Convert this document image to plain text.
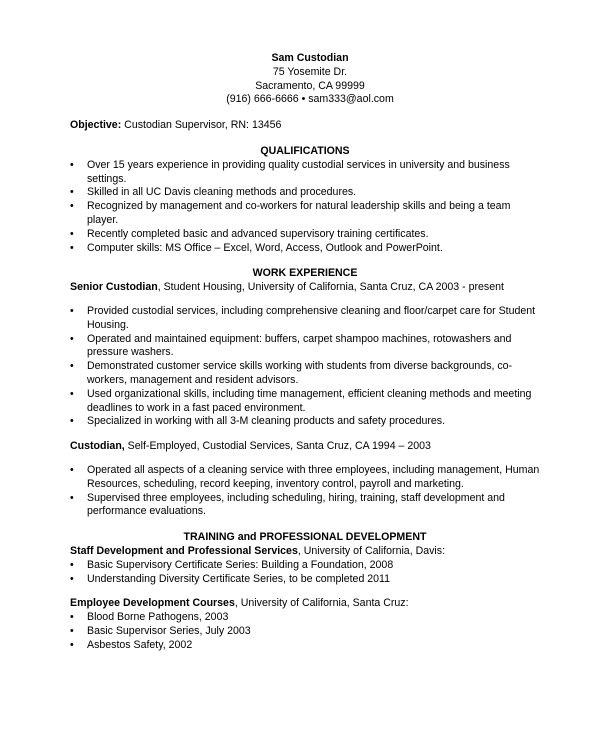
Sam Custodian
75 Yosemite Dr.
Sacramento, CA 99999
(916) 666-6666 • sam333@aol.com
Objective: Custodian Supervisor, RN: 13456
QUALIFICATIONS
• Over 15 years experience in providing quality custodial services in university and business settings.
• Skilled in all UC Davis cleaning methods and procedures.
• Recognized by management and co-workers for natural leadership skills and being a team player.
• Recently completed basic and advanced supervisory training certificates.
• Computer skills: MS Office – Excel, Word, Access, Outlook and PowerPoint.
WORK EXPERIENCE
Senior Custodian, Student Housing, University of California, Santa Cruz, CA 2003 - present
• Provided custodial services, including comprehensive cleaning and floor/carpet care for Student Housing.
• Operated and maintained equipment: buffers, carpet shampoo machines, rotowashers and pressure washers.
• Demonstrated customer service skills working with students from diverse backgrounds, co-workers, management and resident advisors.
• Used organizational skills, including time management, efficient cleaning methods and meeting deadlines to work in a fast paced environment.
• Specialized in working with all 3-M cleaning products and safety procedures.
Custodian, Self-Employed, Custodial Services, Santa Cruz, CA 1994 – 2003
• Operated all aspects of a cleaning service with three employees, including management, Human Resources, scheduling, record keeping, inventory control, payroll and marketing.
• Supervised three employees, including scheduling, hiring, training, staff development and performance evaluations.
TRAINING and PROFESSIONAL DEVELOPMENT
Staff Development and Professional Services, University of California, Davis:
• Basic Supervisory Certificate Series: Building a Foundation, 2008
• Understanding Diversity Certificate Series, to be completed 2011
Employee Development Courses, University of California, Santa Cruz:
• Blood Borne Pathogens, 2003
• Basic Supervisor Series, July 2003
• Asbestos Safety, 2002
